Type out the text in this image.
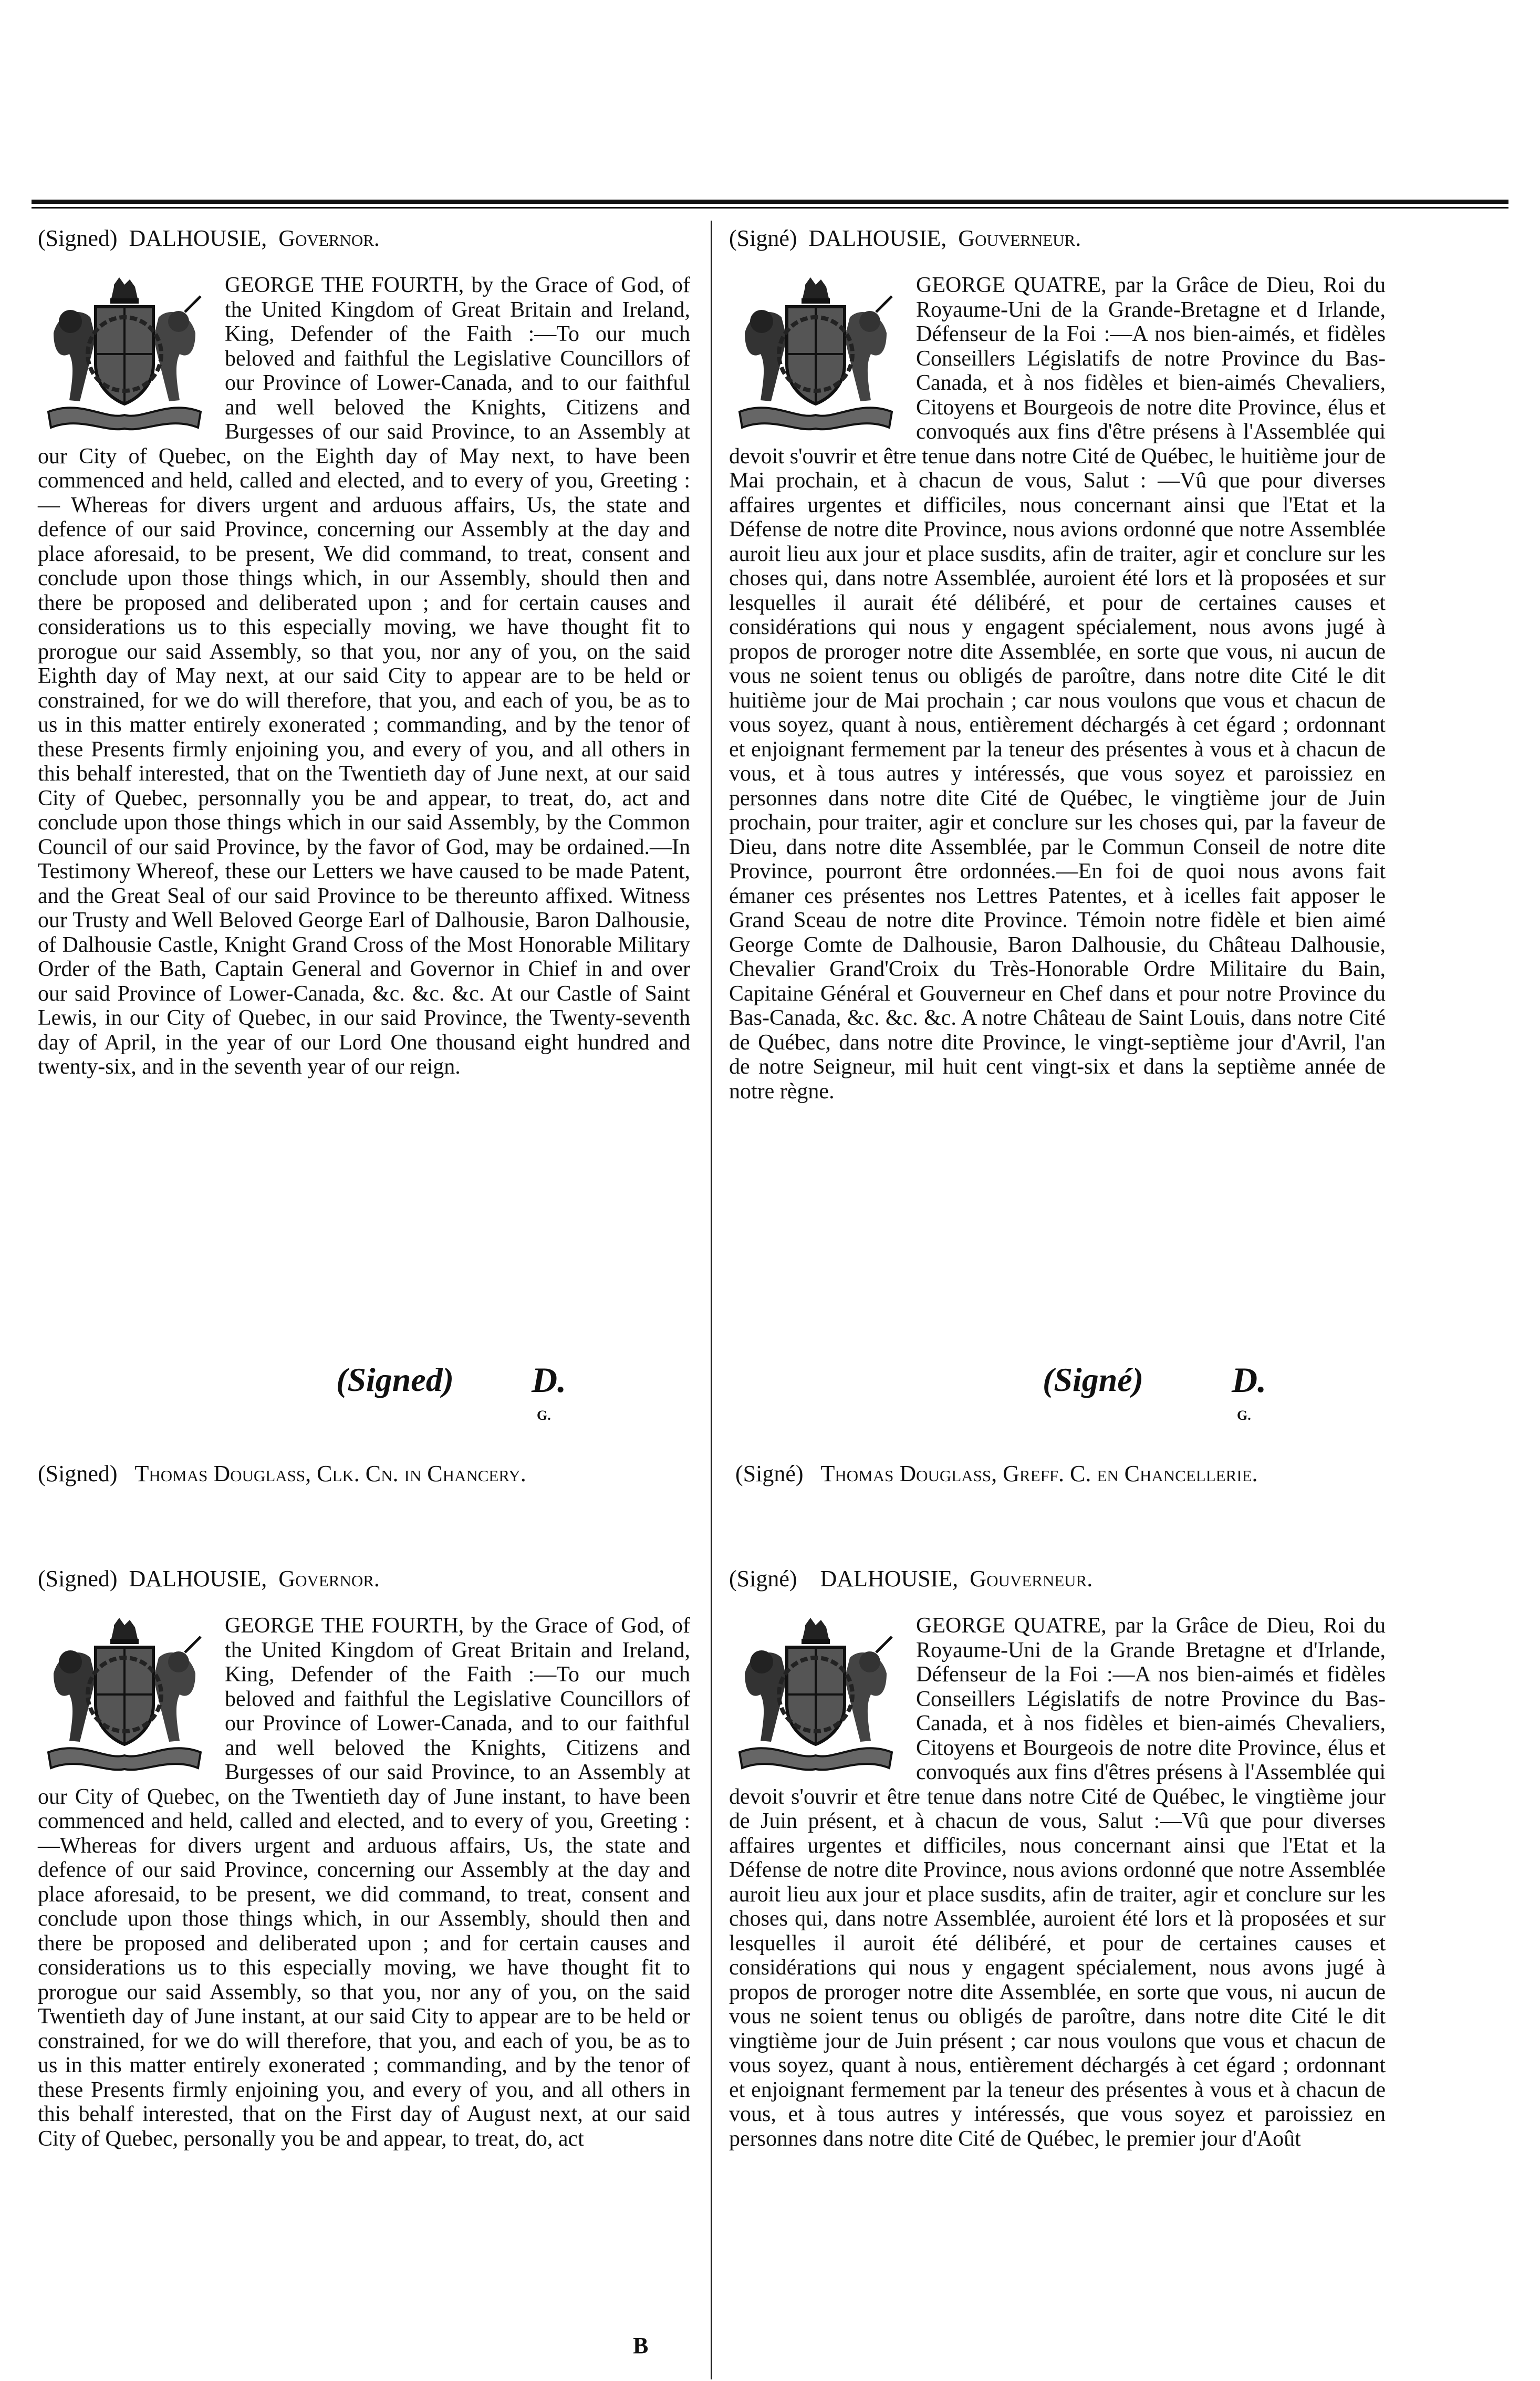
(Signed) DALHOUSIE, Governor.
GEORGE THE FOURTH, by the Grace of God, of the United Kingdom of Great Britain and Ireland, King, Defender of the Faith :—To our much beloved and faithful the Legislative Councillors of our Province of Lower-Canada, and to our faithful and well beloved the Knights, Citizens and Burgesses of our said Province, to an Assembly at our City of Quebec, on the Eighth day of May next, to have been commenced and held, called and elected, and to every of you, Greeting :— Whereas for divers urgent and arduous affairs, Us, the state and defence of our said Province, concerning our Assembly at the day and place aforesaid, to be present, We did command, to treat, consent and conclude upon those things which, in our Assembly, should then and there be proposed and deliberated upon ; and for certain causes and considerations us to this especially moving, we have thought fit to prorogue our said Assembly, so that you, nor any of you, on the said Eighth day of May next, at our said City to appear are to be held or constrained, for we do will therefore, that you, and each of you, be as to us in this matter entirely exonerated ; commanding, and by the tenor of these Presents firmly enjoining you, and every of you, and all others in this behalf interested, that on the Twentieth day of June next, at our said City of Quebec, personnally you be and appear, to treat, do, act and conclude upon those things which in our said Assembly, by the Common Council of our said Province, by the favor of God, may be ordained.—In Testimony Whereof, these our Letters we have caused to be made Patent, and the Great Seal of our said Province to be thereunto affixed. Witness our Trusty and Well Beloved George Earl of Dalhousie, Baron Dalhousie, of Dalhousie Castle, Knight Grand Cross of the Most Honorable Military Order of the Bath, Captain General and Governor in Chief in and over our said Province of Lower-Canada, &c. &c. &c. At our Castle of Saint Lewis, in our City of Quebec, in our said Province, the Twenty-seventh day of April, in the year of our Lord One thousand eight hundred and twenty-six, and in the seventh year of our reign.
(Signed) D.
G.
(Signed) Thomas Douglass, Clk. Cn. in Chancery.
(Signé) DALHOUSIE, Gouverneur.
GEORGE QUATRE, par la Grâce de Dieu, Roi du Royaume-Uni de la Grande-Bretagne et d Irlande, Défenseur de la Foi :—A nos bien-aimés, et fidèles Conseillers Législatifs de notre Province du Bas-Canada, et à nos fidèles et bien-aimés Chevaliers, Citoyens et Bourgeois de notre dite Province, élus et convoqués aux fins d'être présens à l'Assemblée qui devoit s'ouvrir et être tenue dans notre Cité de Québec, le huitième jour de Mai prochain, et à chacun de vous, Salut : —Vû que pour diverses affaires urgentes et difficiles, nous concernant ainsi que l'Etat et la Défense de notre dite Province, nous avions ordonné que notre Assemblée auroit lieu aux jour et place susdits, afin de traiter, agir et conclure sur les choses qui, dans notre Assemblée, auroient été lors et là proposées et sur lesquelles il aurait été délibéré, et pour de certaines causes et considérations qui nous y engagent spécialement, nous avons jugé à propos de proroger notre dite Assemblée, en sorte que vous, ni aucun de vous ne soient tenus ou obligés de paroître, dans notre dite Cité le dit huitième jour de Mai prochain ; car nous voulons que vous et chacun de vous soyez, quant à nous, entièrement déchargés à cet égard ; ordonnant et enjoignant fermement par la teneur des présentes à vous et à chacun de vous, et à tous autres y intéressés, que vous soyez et paroissiez en personnes dans notre dite Cité de Québec, le vingtième jour de Juin prochain, pour traiter, agir et conclure sur les choses qui, par la faveur de Dieu, dans notre dite Assemblée, par le Commun Conseil de notre dite Province, pourront être ordonnées.—En foi de quoi nous avons fait émaner ces présentes nos Lettres Patentes, et à icelles fait apposer le Grand Sceau de notre dite Province. Témoin notre fidèle et bien aimé George Comte de Dalhousie, Baron Dalhousie, du Château Dalhousie, Chevalier Grand'Croix du Très-Honorable Ordre Militaire du Bain, Capitaine Général et Gouverneur en Chef dans et pour notre Province du Bas-Canada, &c. &c. &c. A notre Château de Saint Louis, dans notre Cité de Québec, dans notre dite Province, le vingt-septième jour d'Avril, l'an de notre Seigneur, mil huit cent vingt-six et dans la septième année de notre règne.
(Signé) D.
G.
(Signé) Thomas Douglass, Greff. C. en Chancellerie.
(Signed) DALHOUSIE, Governor.
GEORGE THE FOURTH, by the Grace of God, of the United Kingdom of Great Britain and Ireland, King, Defender of the Faith :—To our much beloved and faithful the Legislative Councillors of our Province of Lower-Canada, and to our faithful and well beloved the Knights, Citizens and Burgesses of our said Province, to an Assembly at our City of Quebec, on the Twentieth day of June instant, to have been commenced and held, called and elected, and to every of you, Greeting :—Whereas for divers urgent and arduous affairs, Us, the state and defence of our said Province, concerning our Assembly at the day and place aforesaid, to be present, we did command, to treat, consent and conclude upon those things which, in our Assembly, should then and there be proposed and deliberated upon ; and for certain causes and considerations us to this especially moving, we have thought fit to prorogue our said Assembly, so that you, nor any of you, on the said Twentieth day of June instant, at our said City to appear are to be held or constrained, for we do will therefore, that you, and each of you, be as to us in this matter entirely exonerated ; commanding, and by the tenor of these Presents firmly enjoining you, and every of you, and all others in this behalf interested, that on the First day of August next, at our said City of Quebec, personally you be and appear, to treat, do, act
B
(Signé) DALHOUSIE, Gouverneur.
GEORGE QUATRE, par la Grâce de Dieu, Roi du Royaume-Uni de la Grande Bretagne et d'Irlande, Défenseur de la Foi :—A nos bien-aimés et fidèles Conseillers Législatifs de notre Province du Bas-Canada, et à nos fidèles et bien-aimés Chevaliers, Citoyens et Bourgeois de notre dite Province, élus et convoqués aux fins d'êtres présens à l'Assemblée qui devoit s'ouvrir et être tenue dans notre Cité de Québec, le vingtième jour de Juin présent, et à chacun de vous, Salut :—Vû que pour diverses affaires urgentes et difficiles, nous concernant ainsi que l'Etat et la Défense de notre dite Province, nous avions ordonné que notre Assemblée auroit lieu aux jour et place susdits, afin de traiter, agir et conclure sur les choses qui, dans notre Assemblée, auroient été lors et là proposées et sur lesquelles il auroit été délibéré, et pour de certaines causes et considérations qui nous y engagent spécialement, nous avons jugé à propos de proroger notre dite Assemblée, en sorte que vous, ni aucun de vous ne soient tenus ou obligés de paroître, dans notre dite Cité le dit vingtième jour de Juin présent ; car nous voulons que vous et chacun de vous soyez, quant à nous, entièrement déchargés à cet égard ; ordonnant et enjoignant fermement par la teneur des présentes à vous et à chacun de vous, et à tous autres y intéressés, que vous soyez et paroissiez en personnes dans notre dite Cité de Québec, le premier jour d'Août
